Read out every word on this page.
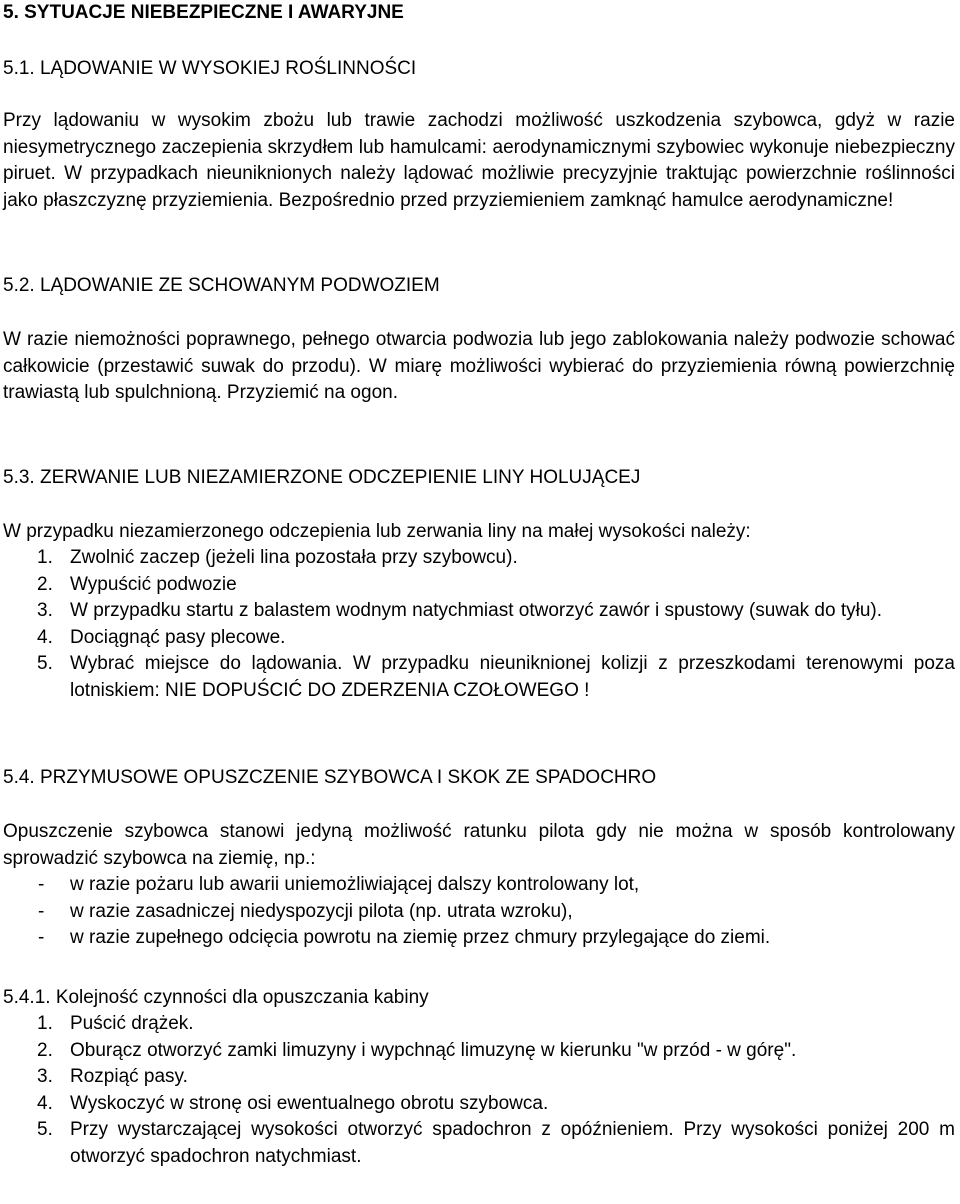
5. SYTUACJE NIEBEZPIECZNE I AWARYJNE
5.1. LĄDOWANIE W WYSOKIEJ ROŚLINNOŚCI

Przy lądowaniu w wysokim zbożu lub trawie zachodzi możliwość uszkodzenia szybowca, gdyż w razie niesymetrycznego zaczepienia skrzydłem lub hamulcami: aerodynamicznymi szybowiec wykonuje niebezpieczny piruet. W przypadkach nieuniknionych należy lądować możliwie precyzyjnie traktując powierzchnie roślinności jako płaszczyznę przyziemienia. Bezpośrednio przed przyziemieniem zamknąć hamulce aerodynamiczne!

5.2. LĄDOWANIE ZE SCHOWANYM PODWOZIEM

W razie niemożności poprawnego, pełnego otwarcia podwozia lub jego zablokowania należy podwozie schować całkowicie (przestawić suwak do przodu). W miarę możliwości wybierać do przyziemienia równą powierzchnię trawiastą lub spulchnioną. Przyziemić na ogon.

5.3. ZERWANIE LUB NIEZAMIERZONE ODCZEPIENIE LINY HOLUJĄCEJ

W przypadku niezamierzonego odczepienia lub zerwania liny na małej wysokości należy:

1. Zwolnić zaczep (jeżeli lina pozostała przy szybowcu).
2. Wypuścić podwozie
3. W przypadku startu z balastem wodnym natychmiast otworzyć zawór i spustowy (suwak do tyłu).
4. Dociągnąć pasy plecowe.
5. Wybrać miejsce do lądowania. W przypadku nieuniknionej kolizji z przeszkodami terenowymi poza lotniskiem: NIE DOPUŚCIĆ DO ZDERZENIA CZOŁOWEGO !
5.4. PRZYMUSOWE OPUSZCZENIE SZYBOWCA I SKOK ZE SPADOCHRO

Opuszczenie szybowca stanowi jedyną możliwość ratunku pilota gdy nie można w sposób kontrolowany sprowadzić szybowca na ziemię, np.:

- w razie pożaru lub awarii uniemożliwiającej dalszy kontrolowany lot,
- w razie zasadniczej niedyspozycji pilota (np. utrata wzroku),
- w razie zupełnego odcięcia powrotu na ziemię przez chmury przylegające do ziemi.
5.4.1. Kolejność czynności dla opuszczania kabiny
1. Puścić drążek.
2. Oburącz otworzyć zamki limuzyny i wypchnąć limuzynę w kierunku "w przód - w górę".
3. Rozpiąć pasy.
4. Wyskoczyć w stronę osi ewentualnego obrotu szybowca.
5. Przy wystarczającej wysokości otworzyć spadochron z opóźnieniem. Przy wysokości poniżej 200 m otworzyć spadochron natychmiast.
